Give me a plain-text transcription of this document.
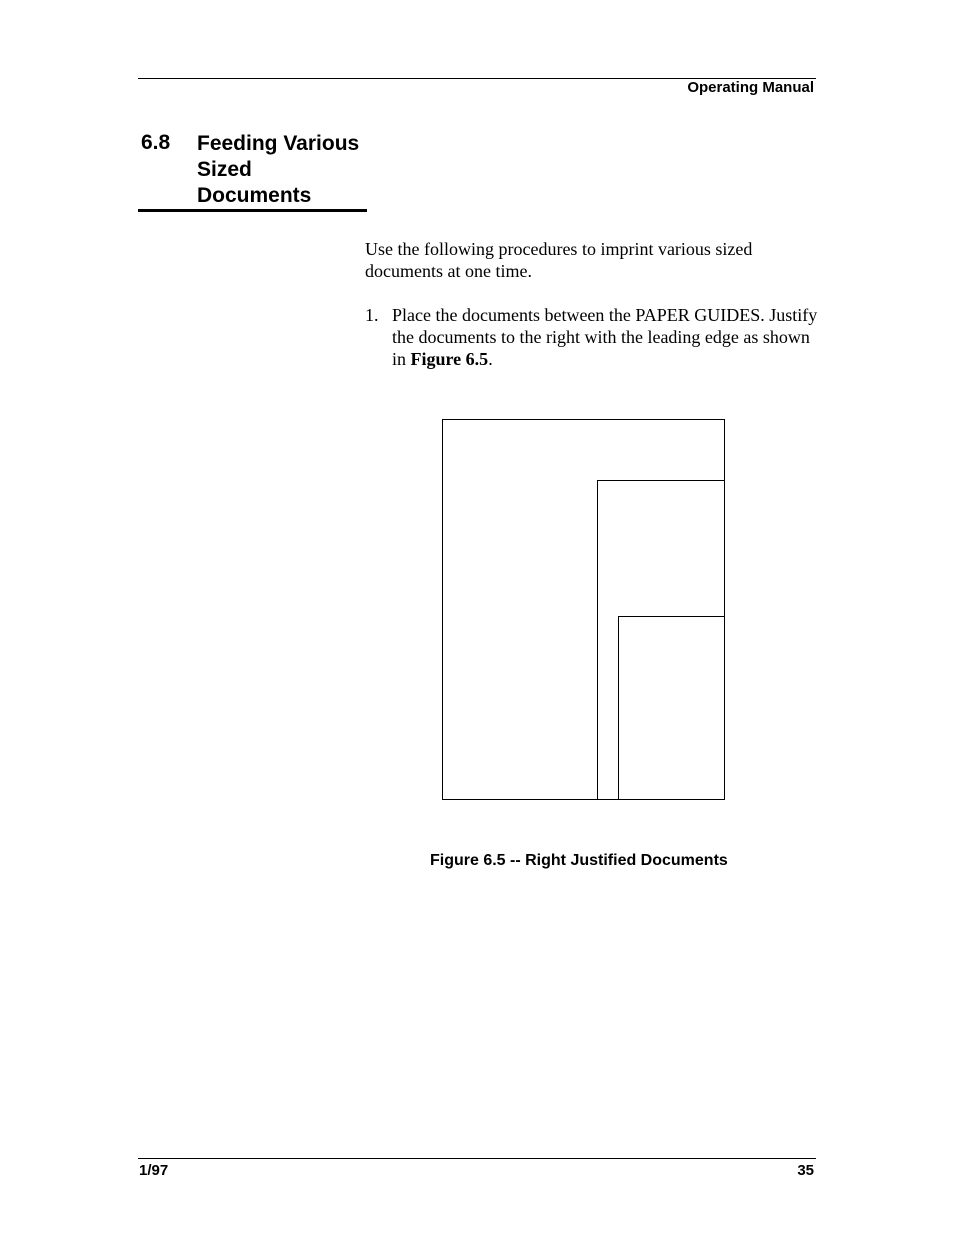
Operating Manual
6.8 Feeding Various Sized Documents
Use the following procedures to imprint various sized documents at one time.
1. Place the documents between the PAPER GUIDES. Justify the documents to the right with the leading edge as shown in Figure 6.5.
Figure 6.5 -- Right Justified Documents
1/97	35
